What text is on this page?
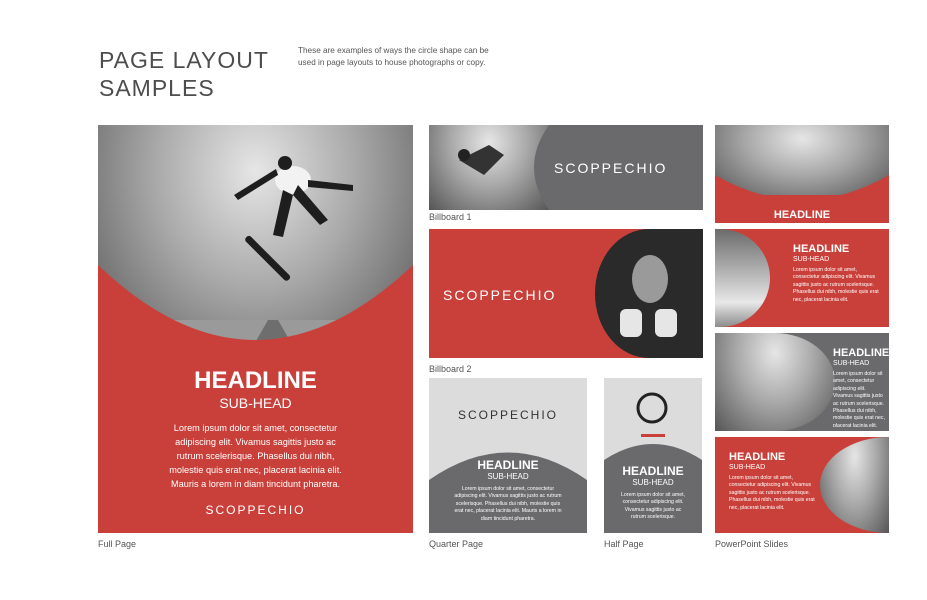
PAGE LAYOUT
SAMPLES
These are examples of ways the circle shape can be used in page layouts to house photographs or copy.
HEADLINE
SUB-HEAD
Lorem ipsum dolor sit amet, consectetur adipiscing elit. Vivamus sagittis justo ac rutrum scelerisque. Phasellus dui nibh, molestie quis erat nec, placerat lacinia elit. Mauris a lorem in diam tincidunt pharetra.
SCOPPECHIO
Full Page
SCOPPECHIO
Billboard 1
SCOPPECHIO
Billboard 2
SCOPPECHIO
HEADLINE
SUB-HEAD
Lorem ipsum dolor sit amet, consectetur adipiscing elit. Vivamus sagittis justo ac rutrum scelerisque. Phasellus dui nibh, molestie quis erat nec, placerat lacinia elit. Mauris a lorem in diam tincidunt pharetra.
Quarter Page
HEADLINE
SUB-HEAD
Lorem ipsum dolor sit amet, consectetur adipiscing elit. Vivamus sagittis justo ac rutrum scelerisque.
Half Page
HEADLINE
HEADLINE
SUB-HEAD
Lorem ipsum dolor sit amet, consectetur adipiscing elit. Vivamus sagittis justo ac rutrum scelerisque. Phasellus dui nibh, molestie quis erat nec, placerat lacinia elit.
HEADLINE
SUB-HEAD
Lorem ipsum dolor sit amet, consectetur adipiscing elit. Vivamus sagittis justo ac rutrum scelerisque. Phasellus dui nibh, molestie quis erat nec, placerat lacinia elit.
HEADLINE
SUB-HEAD
Lorem ipsum dolor sit amet, consectetur adipiscing elit. Vivamus sagittis justo ac rutrum scelerisque. Phasellus dui nibh, molestie quis erat nec, placerat lacinia elit.
PowerPoint Slides
